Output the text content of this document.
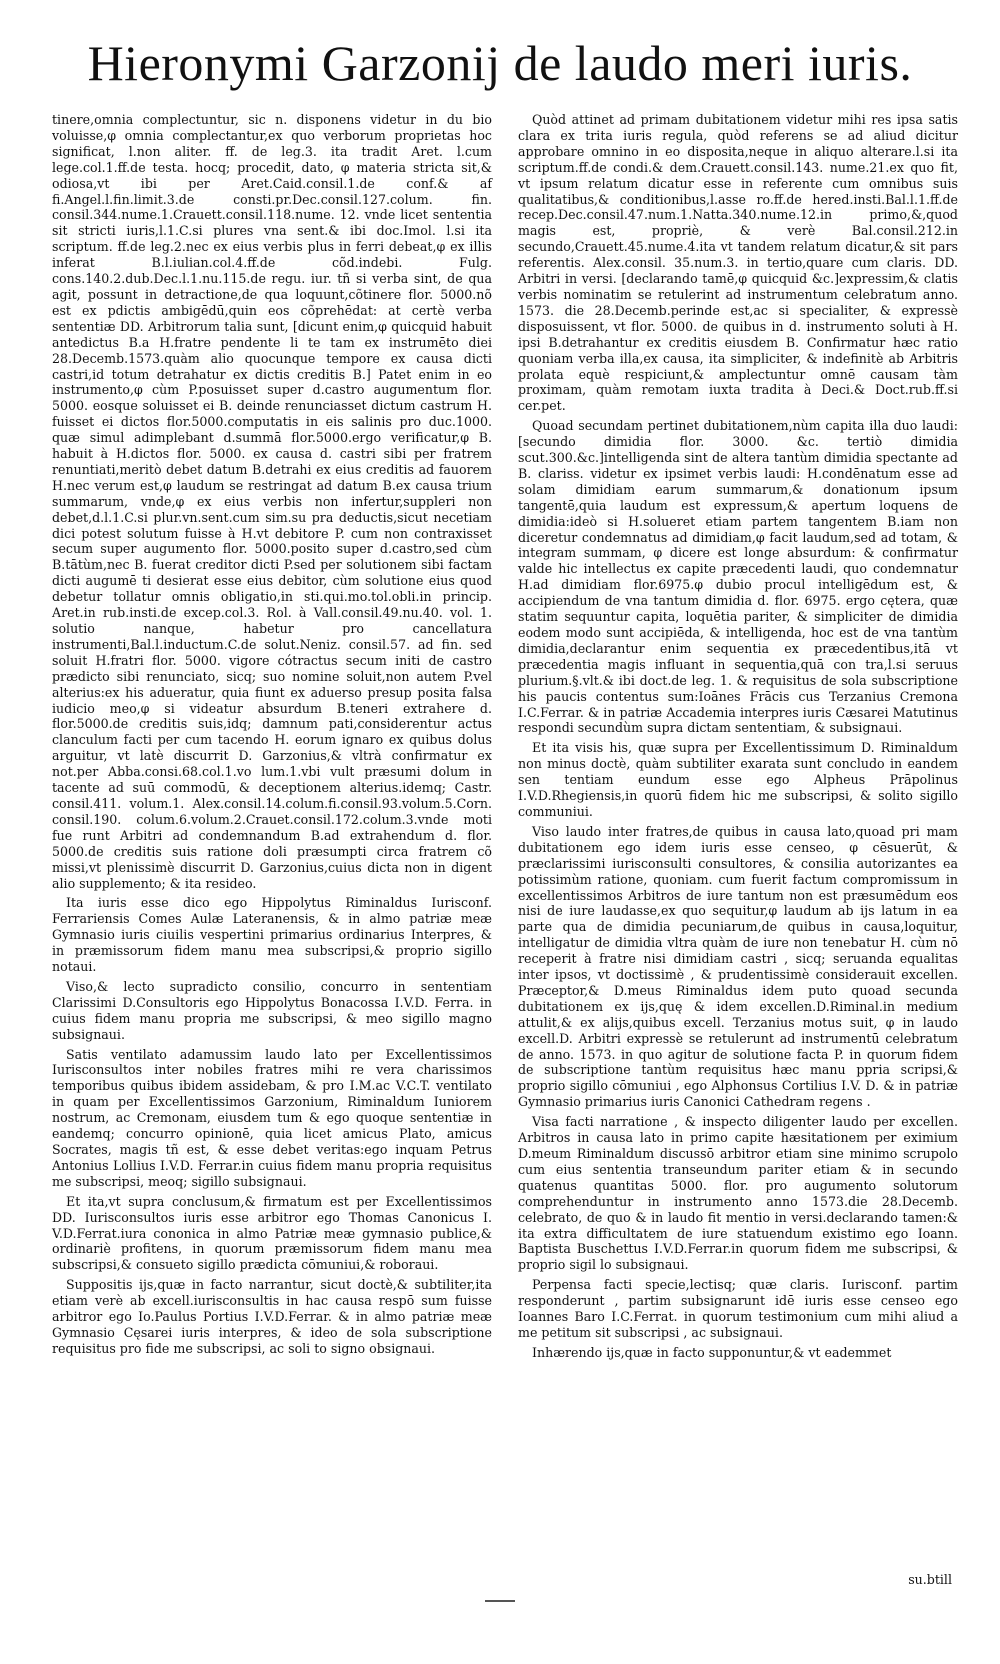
Hieronymi Garzonij de laudo meri iuris.

tinere,omnia complectuntur, sic n. disponens videtur in du bio voluisse,φ omnia complectantur,ex quo verborum proprietas hoc significat, l.non aliter. ff. de leg.3. ita tradit Aret. l.cum lege.col.1.ff.de testa. hocq; procedit, dato, φ materia stricta sit,& odiosa,vt ibi per Aret.Caid.consil.1.de conf.& af fi.Angel.l.fin.limit.3.de consti.pr.Dec.consil.127.colum. fin. consil.344.nume.1.Crauett.consil.118.nume. 12. vnde licet sententia sit stricti iuris,l.1.C.si plures vna sent.& ibi doc.Imol. l.si ita scriptum. ff.de leg.2.nec ex eius verbis plus in ferri debeat,φ ex illis inferat B.l.iulian.col.4.ff.de cõd.indebi. Fulg. cons.140.2.dub.Dec.l.1.nu.115.de regu. iur. tñ si verba sint, de qua agit, possunt in detractione,de qua loquunt,cõtinere flor. 5000.nõ est ex pdictis ambigēdū,quin eos cõprehēdat: at certè verba sententiæ DD. Arbitrorum talia sunt, [dicunt enim,φ quicquid habuit antedictus B.a H.fratre pendente li te tam ex instrumēto diei 28.Decemb.1573.quàm alio quocunque tempore ex causa dicti castri,id totum detrahatur ex dictis creditis B.] Patet enim in eo instrumento,φ cùm P.posuisset super d.castro augumentum flor. 5000. eosque soluisset ei B. deinde renunciasset dictum castrum H. fuisset ei dictos flor.5000.computatis in eis salinis pro duc.1000. quæ simul adimplebant d.summā flor.5000.ergo verificatur,φ B. habuit à H.dictos flor. 5000. ex causa d. castri sibi per fratrem renuntiati,meritò debet datum B.detrahi ex eius creditis ad fauorem H.nec verum est,φ laudum se restringat ad datum B.ex causa trium summarum, vnde,φ ex eius verbis non infertur,suppleri non debet,d.l.1.C.si plur.vn.sent.cum sim.su pra deductis,sicut necetiam dici potest solutum fuisse à H.vt debitore P. cum non contraxisset secum super augumento flor. 5000.posito super d.castro,sed cùm B.tātùm,nec B. fuerat creditor dicti P.sed per solutionem sibi factam dicti augumē ti desierat esse eius debitor, cùm solutione eius quod debetur tollatur omnis obligatio,in sti.qui.mo.tol.obli.in princip. Aret.in rub.insti.de excep.col.3. Rol. à Vall.consil.49.nu.40. vol. 1. solutio nanque, habetur pro cancellatura instrumenti,Bal.l.inductum.C.de solut.Neniz. consil.57. ad fin. sed soluit H.fratri flor. 5000. vigore cótractus secum initi de castro prædicto sibi renunciato, sicq; suo nomine soluit,non autem P.vel alterius:ex his adueratur, quia fiunt ex aduerso presup posita falsa iudicio meo,φ si videatur absurdum B.teneri extrahere d. flor.5000.de creditis suis,idq; damnum pati,considerentur actus clanculum facti per cum tacendo H. eorum ignaro ex quibus dolus arguitur, vt latè discurrit D. Garzonius,& vltrà confirmatur ex not.per Abba.consi.68.col.1.vo lum.1.vbi vult præsumi dolum in tacente ad suū commodū, & deceptionem alterius.idemq; Castr. consil.411. volum.1. Alex.consil.14.colum.fi.consil.93.volum.5.Corn. consil.190. colum.6.volum.2.Crauet.consil.172.colum.3.vnde moti fue runt Arbitri ad condemnandum B.ad extrahendum d. flor. 5000.de creditis suis ratione doli præsumpti circa fratrem cõ missi,vt plenissimè discurrit D. Garzonius,cuius dicta non in digent alio supplemento; & ita resideo.

Ita iuris esse dico ego Hippolytus Riminaldus Iurisconf. Ferrariensis Comes Aulæ Lateranensis, & in almo patriæ meæ Gymnasio iuris ciuilis vespertini primarius ordinarius Interpres, & in præmissorum fidem manu mea subscripsi,& proprio sigillo notaui.

Viso,& lecto supradicto consilio, concurro in sententiam Clarissimi D.Consultoris ego Hippolytus Bonacossa I.V.D. Ferra. in cuius fidem manu propria me subscripsi, & meo sigillo magno subsignaui.

Satis ventilato adamussim laudo lato per Excellentissimos Iurisconsultos inter nobiles fratres mihi re vera charissimos temporibus quibus ibidem assidebam, & pro I.M.ac V.C.T. ventilato in quam per Excellentissimos Garzonium, Riminaldum Iuniorem nostrum, ac Cremonam, eiusdem tum & ego quoque sententiæ in eandemq; concurro opinionē, quia licet amicus Plato, amicus Socrates, magis tñ est, & esse debet veritas:ego inquam Petrus Antonius Lollius I.V.D. Ferrar.in cuius fidem manu propria requisitus me subscripsi, meoq; sigillo subsignaui.

Et ita,vt supra conclusum,& firmatum est per Excellentissimos DD. Iurisconsultos iuris esse arbitror ego Thomas Canonicus I. V.D.Ferrat.iura cononica in almo Patriæ meæ gymnasio publice,& ordinariè profitens, in quorum præmissorum fidem manu mea subscripsi,& consueto sigillo prædicta cōmuniui,& roboraui.

Suppositis ijs,quæ in facto narrantur, sicut doctè,& subtiliter,ita etiam verè ab excell.iurisconsultis in hac causa respō sum fuisse arbitror ego Io.Paulus Portius I.V.D.Ferrar. & in almo patriæ meæ Gymnasio Cęsarei iuris interpres, & ideo de sola subscriptione requisitus pro fide me subscripsi, ac soli to signo obsignaui.

Quòd attinet ad primam dubitationem videtur mihi res ipsa satis clara ex trita iuris regula, quòd referens se ad aliud dicitur approbare omnino in eo disposita,neque in aliquo alterare.l.si ita scriptum.ff.de condi.& dem.Crauett.consil.143. nume.21.ex quo fit, vt ipsum relatum dicatur esse in referente cum omnibus suis qualitatibus,& conditionibus,l.asse ro.ff.de hered.insti.Bal.l.1.ff.de recep.Dec.consil.47.num.1.Natta.340.nume.12.in primo,&,quod magis est, propriè, & verè Bal.consil.212.in secundo,Crauett.45.nume.4.ita vt tandem relatum dicatur,& sit pars referentis. Alex.consil. 35.num.3. in tertio,quare cum claris. DD. Arbitri in versi. [declarando tamē,φ quicquid &c.]expressim,& clatis verbis nominatim se retulerint ad instrumentum celebratum anno. 1573. die 28.Decemb.perinde est,ac si specialiter, & expressè disposuissent, vt flor. 5000. de quibus in d. instrumento soluti à H. ipsi B.detrahantur ex creditis eiusdem B. Confirmatur hæc ratio quoniam verba illa,ex causa, ita simpliciter, & indefinitè ab Arbitris prolata equè respiciunt,& amplectuntur omnē causam tàm proximam, quàm remotam iuxta tradita à Deci.& Doct.rub.ff.si cer.pet.

Quoad secundam pertinet dubitationem,nùm capita illa duo laudi: [secundo dimidia flor. 3000. &c. tertiò dimidia scut.300.&c.]intelligenda sint de altera tantùm dimidia spectante ad B. clariss. videtur ex ipsimet verbis laudi: H.condēnatum esse ad solam dimidiam earum summarum,& donationum ipsum tangentē,quia laudum est expressum,& apertum loquens de dimidia:ideò si H.solueret etiam partem tangentem B.iam non diceretur condemnatus ad dimidiam,φ facit laudum,sed ad totam, & integram summam, φ dicere est longe absurdum: & confirmatur valde hic intellectus ex capite præcedenti laudi, quo condemnatur H.ad dimidiam flor.6975.φ dubio procul intelligēdum est, & accipiendum de vna tantum dimidia d. flor. 6975. ergo cętera, quæ statim sequuntur capita, loquētia pariter, & simpliciter de dimidia eodem modo sunt accipiēda, & intelligenda, hoc est de vna tantùm dimidia,declarantur enim sequentia ex præcedentibus,itā vt præcedentia magis influant in sequentia,quā con tra,l.si seruus plurium.§.vlt.& ibi doct.de leg. 1. & requisitus de sola subscriptione his paucis contentus sum:Ioānes Frācis cus Terzanius Cremona I.C.Ferrar. & in patriæ Accademia interpres iuris Cæsarei Matutinus respondi secundùm supra dictam sententiam, & subsignaui.

Et ita visis his, quæ supra per Excellentissimum D. Riminaldum non minus doctè, quàm subtiliter exarata sunt concludo in eandem sen tentiam eundum esse ego Alpheus Prāpolinus I.V.D.Rhegiensis,in quorū fidem hic me subscripsi, & solito sigillo communiui.

Viso laudo inter fratres,de quibus in causa lato,quoad pri mam dubitationem ego idem iuris esse censeo, φ cēsuerūt, & præclarissimi iurisconsulti consultores, & consilia autorizantes ea potissimùm ratione, quoniam. cum fuerit factum compromissum in excellentissimos Arbitros de iure tantum non est præsumēdum eos nisi de iure laudasse,ex quo sequitur,φ laudum ab ijs latum in ea parte qua de dimidia pecuniarum,de quibus in causa,loquitur, intelligatur de dimidia vltra quàm de iure non tenebatur H. cùm nō receperit à fratre nisi dimidiam castri , sicq; seruanda equalitas inter ipsos, vt doctissimè , & prudentissimè considerauit excellen. Præceptor,& D.meus Riminaldus idem puto quoad secunda dubitationem ex ijs,quę & idem excellen.D.Riminal.in medium attulit,& ex alijs,quibus excell. Terzanius motus suit, φ in laudo excell.D. Arbitri expressè se retulerunt ad instrumentū celebratum de anno. 1573. in quo agitur de solutione facta P. in quorum fidem de subscriptione tantùm requisitus hæc manu ppria scripsi,& proprio sigillo cōmuniui , ego Alphonsus Cortilius I.V. D. & in patriæ Gymnasio primarius iuris Canonici Cathedram regens .

Visa facti narratione , & inspecto diligenter laudo per excellen. Arbitros in causa lato in primo capite hæsitationem per eximium D.meum Riminaldum discussō arbitror etiam sine minimo scrupolo cum eius sententia transeundum pariter etiam & in secundo quatenus quantitas 5000. flor. pro augumento solutorum comprehenduntur in instrumento anno 1573.die 28.Decemb. celebrato, de quo & in laudo fit mentio in versi.declarando tamen:& ita extra difficultatem de iure statuendum existimo ego Ioann. Baptista Buschettus I.V.D.Ferrar.in quorum fidem me subscripsi, & proprio sigil lo subsignaui.

Perpensa facti specie,lectisq; quæ claris. Iurisconf. partim responderunt , partim subsignarunt idē iuris esse censeo ego Ioannes Baro I.C.Ferrat. in quorum testimonium cum mihi aliud a me petitum sit subscripsi , ac subsignaui.

Inhærendo ijs,quæ in facto supponuntur,& vt eademmet

su.btill
